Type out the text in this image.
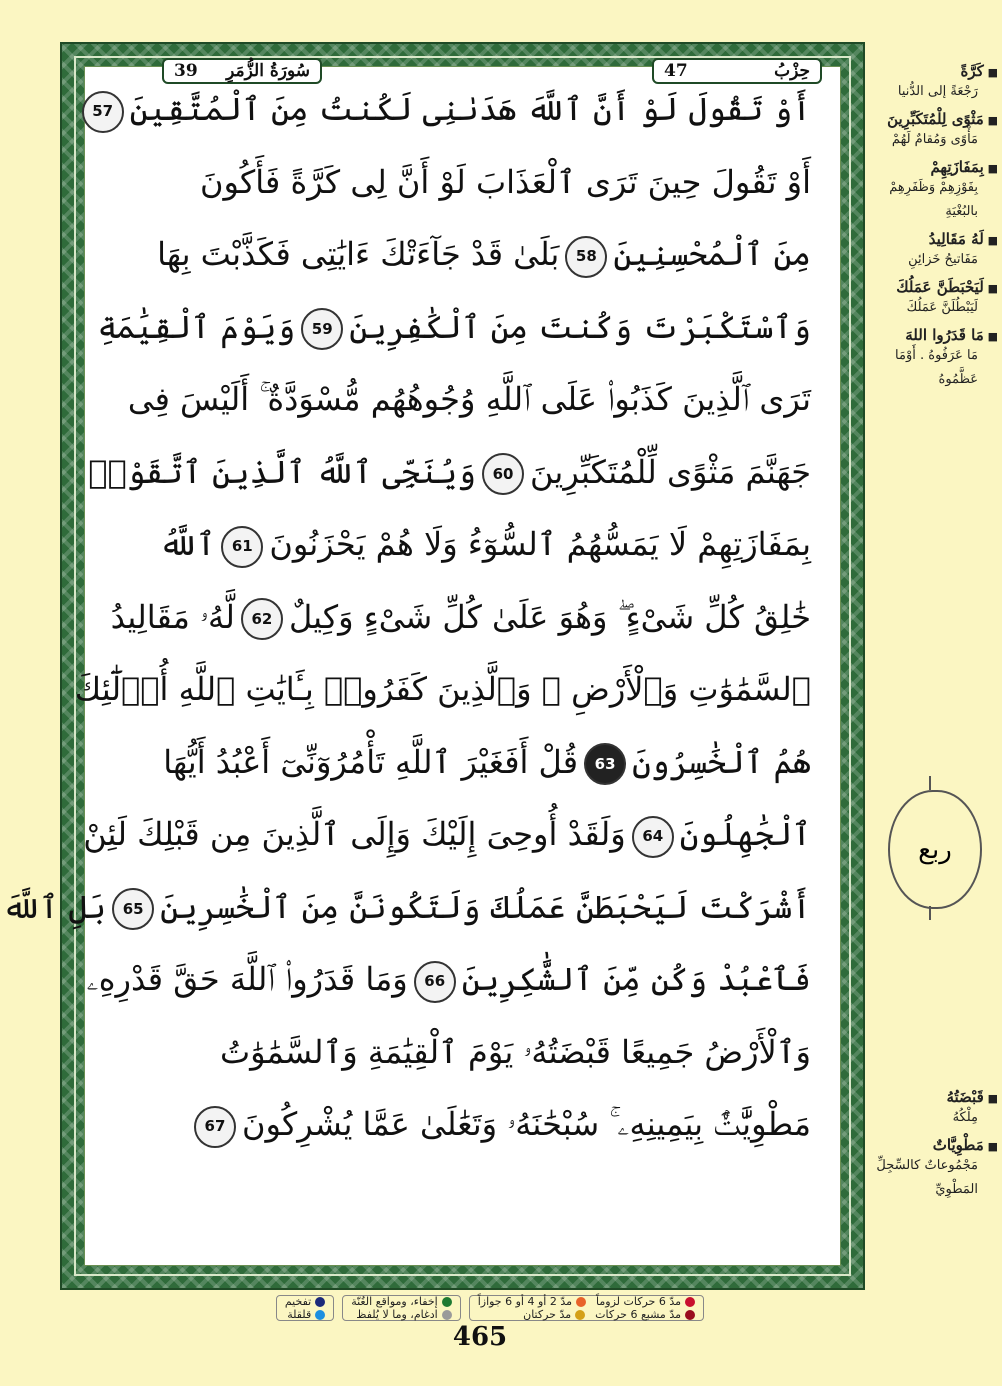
أَوْ تَقُولَ لَوْ أَنَّ ٱللَّهَ هَدَىٰنِى لَكُنتُ مِنَ ٱلْمُتَّقِينَ57
أَوْ تَقُولَ حِينَ تَرَى ٱلْعَذَابَ لَوْ أَنَّ لِى كَرَّةً فَأَكُونَ
مِنَ ٱلْمُحْسِنِينَ58بَلَىٰ قَدْ جَآءَتْكَ ءَايَٰتِى فَكَذَّبْتَ بِهَا
وَٱسْتَكْبَرْتَ وَكُنتَ مِنَ ٱلْكَٰفِرِينَ59وَيَوْمَ ٱلْقِيَٰمَةِ
تَرَى ٱلَّذِينَ كَذَبُوا۟ عَلَى ٱللَّهِ وُجُوهُهُم مُّسْوَدَّةٌ ۚ أَلَيْسَ فِى
جَهَنَّمَ مَثْوًى لِّلْمُتَكَبِّرِينَ60وَيُنَجِّى ٱللَّهُ ٱلَّذِينَ ٱتَّقَوْا۟
بِمَفَازَتِهِمْ لَا يَمَسُّهُمُ ٱلسُّوٓءُ وَلَا هُمْ يَحْزَنُونَ61ٱللَّهُ
خَٰلِقُ كُلِّ شَىْءٍ ۖ وَهُوَ عَلَىٰ كُلِّ شَىْءٍ وَكِيلٌ62لَّهُۥ مَقَالِيدُ
ٱلسَّمَٰوَٰتِ وَٱلْأَرْضِ ۗ وَٱلَّذِينَ كَفَرُوا۟ بِـَٔايَٰتِ ٱللَّهِ أُو۟لَٰٓئِكَ
هُمُ ٱلْخَٰسِرُونَ63قُلْ أَفَغَيْرَ ٱللَّهِ تَأْمُرُوٓنِّىٓ أَعْبُدُ أَيُّهَا
ٱلْجَٰهِلُونَ64وَلَقَدْ أُوحِىَ إِلَيْكَ وَإِلَى ٱلَّذِينَ مِن قَبْلِكَ لَئِنْ
أَشْرَكْتَ لَيَحْبَطَنَّ عَمَلُكَ وَلَتَكُونَنَّ مِنَ ٱلْخَٰسِرِينَ65بَلِ ٱللَّهَ
فَٱعْبُدْ وَكُن مِّنَ ٱلشَّٰكِرِينَ66وَمَا قَدَرُوا۟ ٱللَّهَ حَقَّ قَدْرِهِۦ
وَٱلْأَرْضُ جَمِيعًا قَبْضَتُهُۥ يَوْمَ ٱلْقِيَٰمَةِ وَٱلسَّمَٰوَٰتُ
مَطْوِيَّٰتٌۢ بِيَمِينِهِۦ ۚ سُبْحَٰنَهُۥ وَتَعَٰلَىٰ عَمَّا يُشْرِكُونَ67
39 سُورَةُ الزُّمَرِ	47	حِزْبُ
■	كَرَّةً
رَجْعَةً إلى الدُّنيا
■ مَثْوًى لِلْمُتَكَبِّرِينَ
مَأْوًى وَمُقامٌ لَهُمْ
■ بِمَفَازَتِهِمْ
بِفَوْزِهِمْ وَظَفَرِهِمْ بالبُغْيَةِ
■ لَهُ مَقَالِيدُ
مَفَاتيحُ خَزائِنِ
■ لَيَحْبَطَنَّ عَمَلُكَ
لَيَبْطُلَنَّ عَمَلُكَ
■ مَا قَدَرُوا اللهَ
مَا عَرَفُوهُ . أَوْمَا عَظَّمُوهُ
ربع
■ قَبْضَتُهُ
مِلْكُهُ
■ مَطْوِيَّاتٌ
مَجْمُوعاتٌ كالسِّجِلِّ المَطْوِيِّ
مدّ 6 حركات لزوماً
مدّ 2 أو 4 أو 6 جوازاً
مدّ مشبع 6 حركات
مدّ حركتان
إخفاء، ومواقع الغُنّة
ادغام، وما لا يُلفظ
تفخيم
قلقلة
465
